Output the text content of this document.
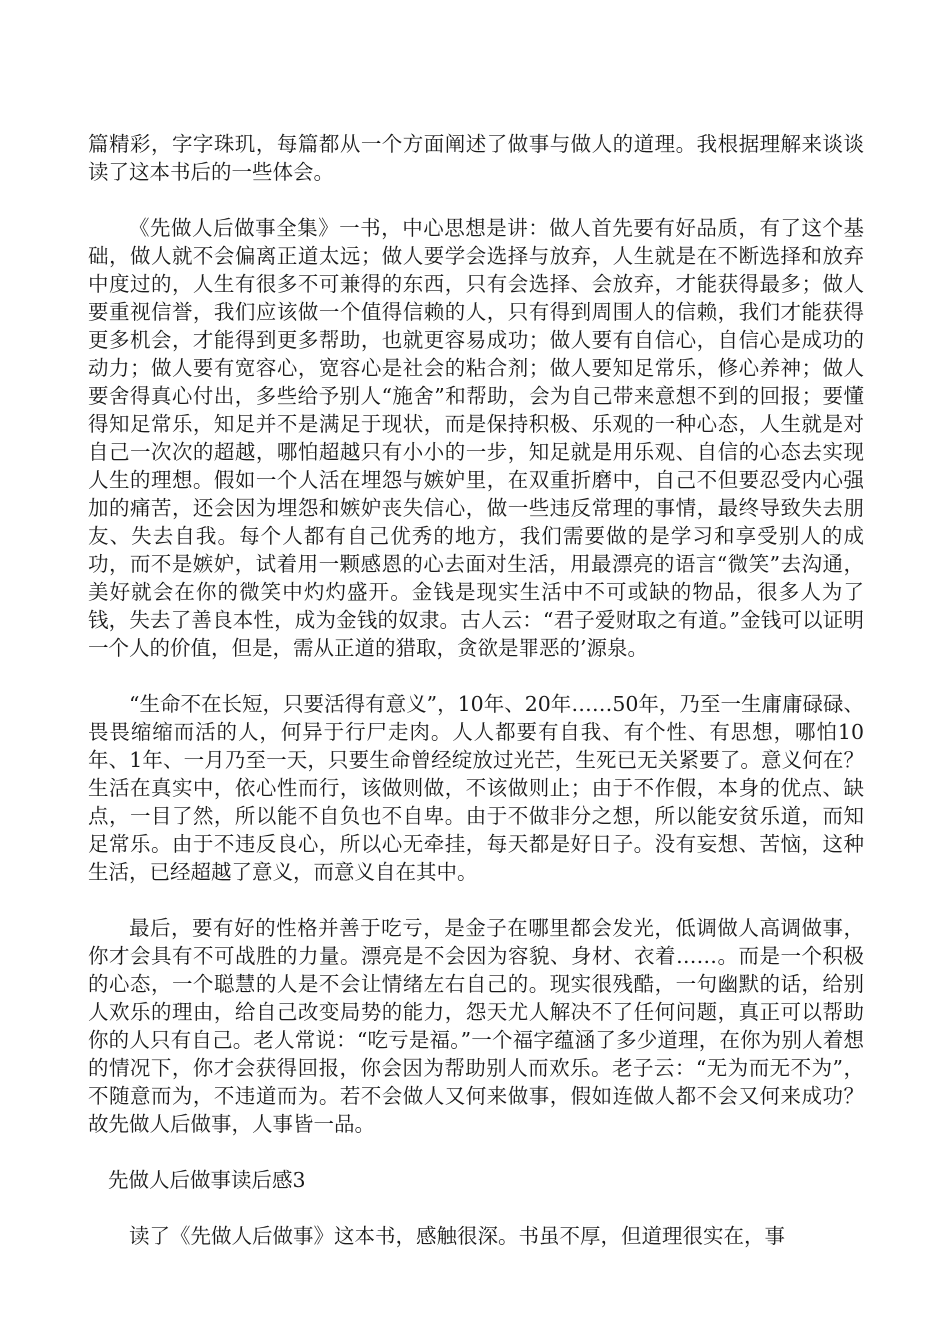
篇精彩，字字珠玑，每篇都从一个方面阐述了做事与做人的道理。我根据理解来谈谈读了这本书后的一些体会。

《先做人后做事全集》一书，中心思想是讲：做人首先要有好品质，有了这个基础，做人就不会偏离正道太远；做人要学会选择与放弃，人生就是在不断选择和放弃中度过的，人生有很多不可兼得的东西，只有会选择、会放弃，才能获得最多；做人要重视信誉，我们应该做一个值得信赖的人，只有得到周围人的信赖，我们才能获得更多机会，才能得到更多帮助，也就更容易成功；做人要有自信心，自信心是成功的动力；做人要有宽容心，宽容心是社会的粘合剂；做人要知足常乐，修心养神；做人要舍得真心付出，多些给予别人“施舍”和帮助，会为自己带来意想不到的回报；要懂得知足常乐，知足并不是满足于现状，而是保持积极、乐观的一种心态，人生就是对自己一次次的超越，哪怕超越只有小小的一步，知足就是用乐观、自信的心态去实现人生的理想。假如一个人活在埋怨与嫉妒里，在双重折磨中，自己不但要忍受内心强加的痛苦，还会因为埋怨和嫉妒丧失信心，做一些违反常理的事情，最终导致失去朋友、失去自我。每个人都有自己优秀的地方，我们需要做的是学习和享受别人的成功，而不是嫉妒，试着用一颗感恩的心去面对生活，用最漂亮的语言“微笑”去沟通，美好就会在你的微笑中灼灼盛开。金钱是现实生活中不可或缺的物品，很多人为了钱，失去了善良本性，成为金钱的奴隶。古人云：“君子爱财取之有道。”金钱可以证明一个人的价值，但是，需从正道的猎取，贪欲是罪恶的’源泉。

“生命不在长短，只要活得有意义”，10年、20年……50年，乃至一生庸庸碌碌、畏畏缩缩而活的人，何异于行尸走肉。人人都要有自我、有个性、有思想，哪怕10年、1年、一月乃至一天，只要生命曾经绽放过光芒，生死已无关紧要了。意义何在？生活在真实中，依心性而行，该做则做，不该做则止；由于不作假，本身的优点、缺点，一目了然，所以能不自负也不自卑。由于不做非分之想，所以能安贫乐道，而知足常乐。由于不违反良心，所以心无牵挂，每天都是好日子。没有妄想、苦恼，这种生活，已经超越了意义，而意义自在其中。

最后，要有好的性格并善于吃亏，是金子在哪里都会发光，低调做人高调做事，你才会具有不可战胜的力量。漂亮是不会因为容貌、身材、衣着……。而是一个积极的心态，一个聪慧的人是不会让情绪左右自己的。现实很残酷，一句幽默的话，给别人欢乐的理由，给自己改变局势的能力，怨天尤人解决不了任何问题，真正可以帮助你的人只有自己。老人常说：“吃亏是福。”一个福字蕴涵了多少道理，在你为别人着想的情况下，你才会获得回报，你会因为帮助别人而欢乐。老子云：“无为而无不为”，不随意而为，不违道而为。若不会做人又何来做事，假如连做人都不会又何来成功？故先做人后做事，人事皆一品。

先做人后做事读后感3

读了《先做人后做事》这本书，感触很深。书虽不厚，但道理很实在，事
